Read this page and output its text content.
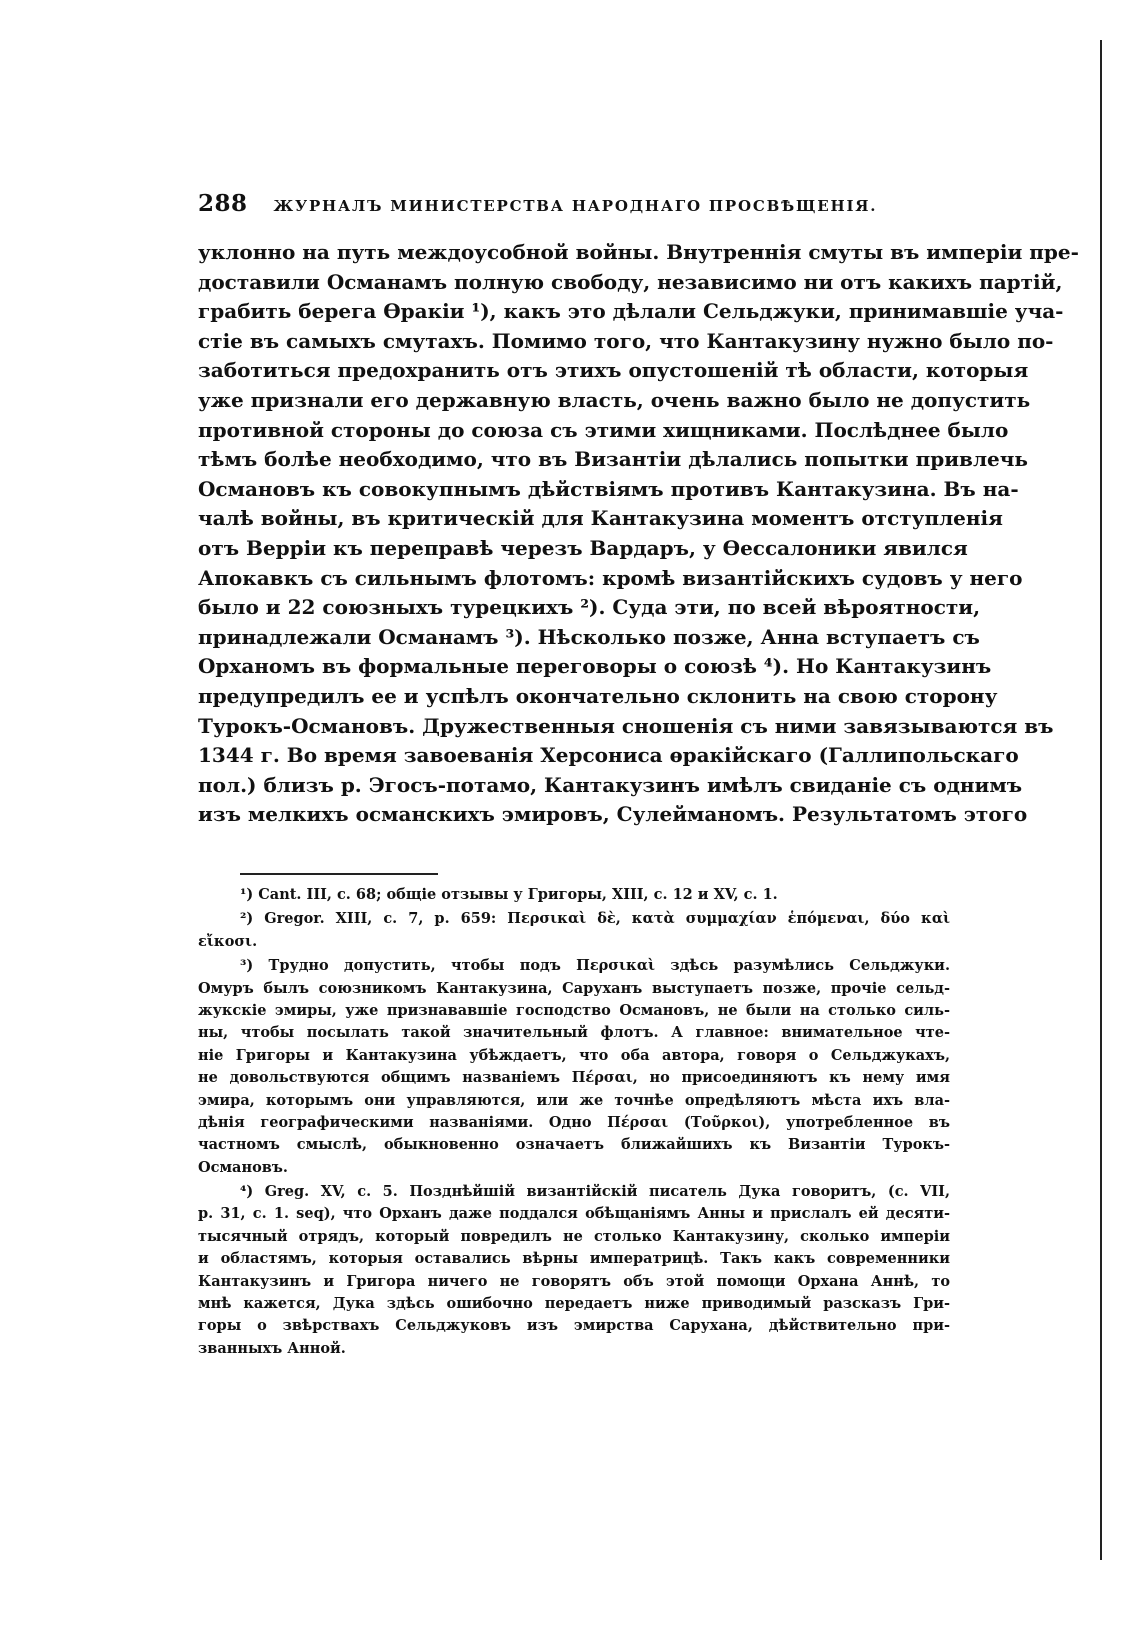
288 ЖУРНАЛЪ МИНИСТЕРСТВА НАРОДНАГО ПРОСВѢЩЕНІЯ.
уклонно на путь междоусобной войны. Внутреннія смуты въ имперіи пре-
доставили Османамъ полную свободу, независимо ни отъ какихъ партій,
грабить берега Ѳракіи ¹), какъ это дѣлали Сельджуки, принимавшіе уча-
стіе въ самыхъ смутахъ. Помимо того, что Кантакузину нужно было по-
заботиться предохранить отъ этихъ опустошеній тѣ области, которыя
уже признали его державную власть, очень важно было не допустить
противной стороны до союза съ этими хищниками. Послѣднее было
тѣмъ болѣе необходимо, что въ Византіи дѣлались попытки привлечь
Османовъ къ совокупнымъ дѣйствіямъ противъ Кантакузина. Въ на-
чалѣ войны, въ критическій для Кантакузина моментъ отступленія
отъ Верріи къ переправѣ черезъ Вардаръ, у Ѳессалоники явился
Апокавкъ съ сильнымъ флотомъ: кромѣ византійскихъ судовъ у него
было и 22 союзныхъ турецкихъ ²). Суда эти, по всей вѣроятности,
принадлежали Османамъ ³). Нѣсколько позже, Анна вступаетъ съ
Орханомъ въ формальные переговоры о союзѣ ⁴). Но Кантакузинъ
предупредилъ ее и успѣлъ окончательно склонить на свою сторону
Турокъ-Османовъ. Дружественныя сношенія съ ними завязываются въ
1344 г. Во время завоеванія Херсониса ѳракійскаго (Галлипольскаго
пол.) близъ р. Эгосъ-потамо, Кантакузинъ имѣлъ свиданіе съ однимъ
изъ мелкихъ османскихъ эмировъ, Сулейманомъ. Результатомъ этого
¹) Cant. III, c. 68; общіе отзывы у Григоры, XIII, c. 12 и XV, c. 1.
²) Gregor. XIII, c. 7, p. 659: Περσικαὶ δὲ, κατὰ συμμαχίαν ἑπόμεναι, δύο καὶ
εἴκοσι.
³) Трудно допустить, чтобы подъ Περσικαὶ здѣсь разумѣлись Сельджуки.
Омуръ былъ союзникомъ Кантакузина, Саруханъ выступаетъ позже, прочіе сельд-
жукскіе эмиры, уже признававшіе господство Османовъ, не были на столько силь-
ны, чтобы посылать такой значительный флотъ. А главное: внимательное чте-
ніе Григоры и Кантакузина убѣждаетъ, что оба автора, говоря о Сельджукахъ,
не довольствуются общимъ названіемъ Πέρσαι, но присоединяютъ къ нему имя
эмира, которымъ они управляются, или же точнѣе опредѣляютъ мѣста ихъ вла-
дѣнія географическими названіями. Одно Πέρσαι (Τοῦρκοι), употребленное въ
частномъ смыслѣ, обыкновенно означаетъ ближайшихъ къ Византіи Турокъ-
Османовъ.
⁴) Greg. XV, c. 5. Позднѣйшій византійскій писатель Дука говоритъ, (c. VII,
p. 31, c. 1. seq), что Орханъ даже поддался обѣщаніямъ Анны и прислалъ ей десяти-
тысячный отрядъ, который повредилъ не столько Кантакузину, сколько имперіи
и областямъ, которыя оставались вѣрны императрицѣ. Такъ какъ современники
Кантакузинъ и Григора ничего не говорятъ объ этой помощи Орхана Аннѣ, то
мнѣ кажется, Дука здѣсь ошибочно передаетъ ниже приводимый разсказъ Гри-
горы о звѣрствахъ Сельджуковъ изъ эмирства Сарухана, дѣйствительно при-
званныхъ Анной.
